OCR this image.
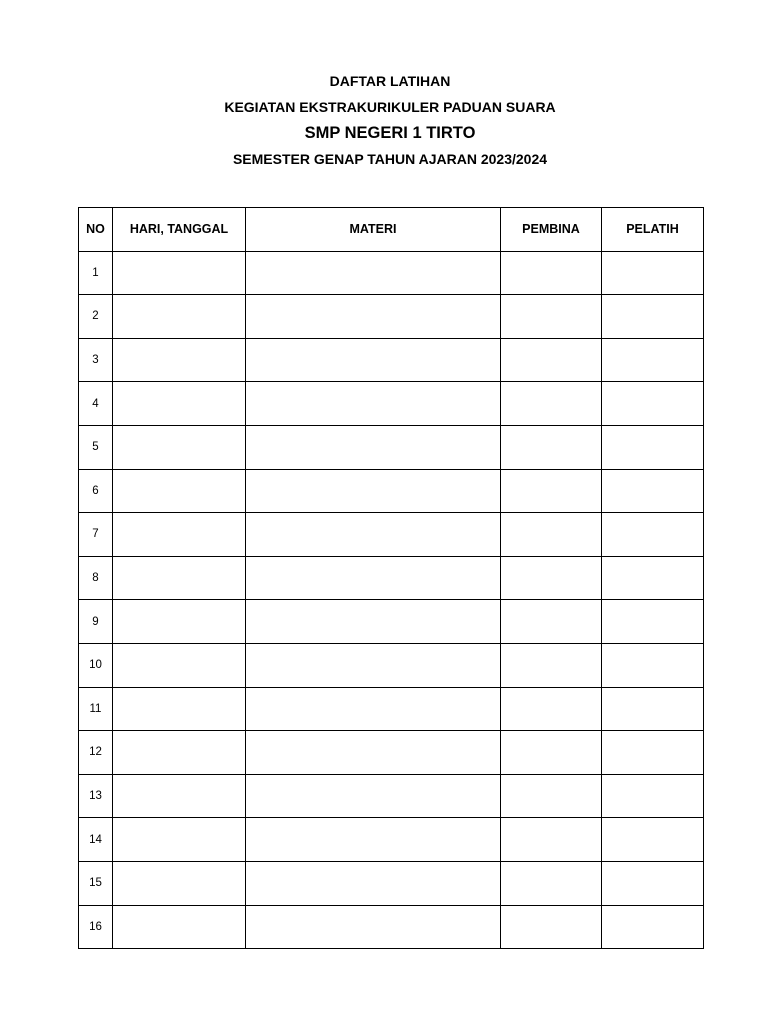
DAFTAR LATIHAN
KEGIATAN EKSTRAKURIKULER PADUAN SUARA
SMP NEGERI 1 TIRTO
SEMESTER GENAP TAHUN AJARAN 2023/2024
NO	HARI, TANGGAL	MATERI	PEMBINA	PELATIH
1				
2				
3				
4				
5				
6				
7				
8				
9				
10				
11				
12				
13				
14				
15				
16				
